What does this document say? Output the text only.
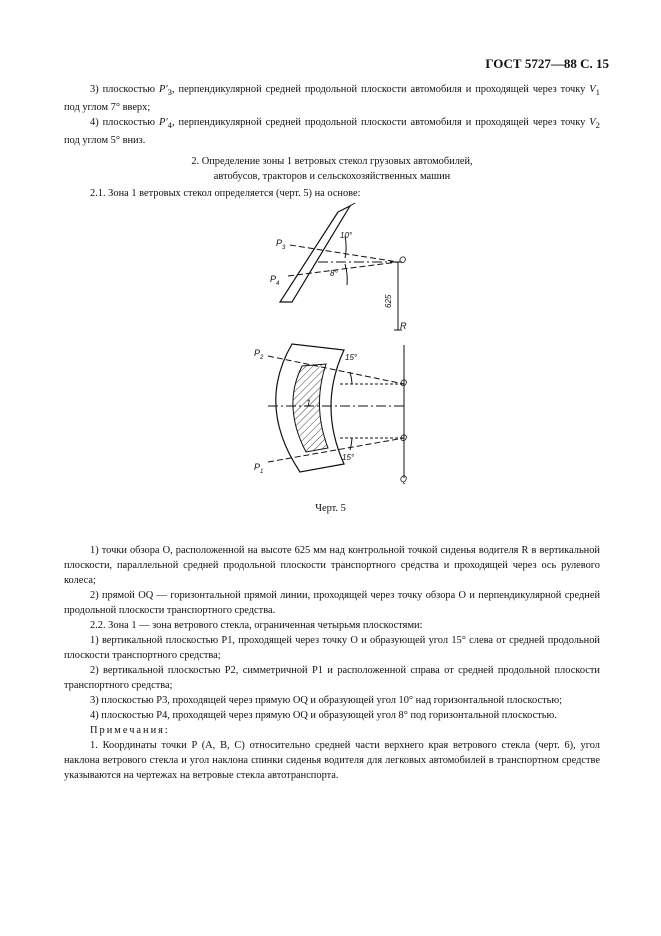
ГОСТ 5727—88 С. 15

3) плоскостью $P'_3$, перпендикулярной средней продольной плоскости автомобиля и проходящей через точку $V_1$ под углом 7° вверх;

4) плоскостью $P'_4$, перпендикулярной средней продольной плоскости автомобиля и проходящей через точку $V_2$ под углом 5° вниз.

2. Определение зоны 1 ветровых стекол грузовых автомобилей,
автобусов, тракторов и сельскохозяйственных машин
2.1. Зона 1 ветровых стекол определяется (черт. 5) на основе:
$P_3$
$P_4$
10°
8°
O
625
R
$P_2$
$P_1$
15°
15°
O
O
Q
1
Черт. 5

1) точки обзора O, расположенной на высоте 625 мм над контрольной точкой сиденья водителя R в вертикальной плоскости, параллельной средней продольной плоскости транспортного средства и проходящей через ось рулевого колеса;

2) прямой OQ — горизонтальной прямой линии, проходящей через точку обзора O и перпендикулярной средней продольной плоскости транспортного средства.

2.2. Зона 1 — зона ветрового стекла, ограниченная четырьмя плоскостями:

1) вертикальной плоскостью P1, проходящей через точку O и образующей угол 15° слева от средней продольной плоскости транспортного средства;

2) вертикальной плоскостью P2, симметричной P1 и расположенной справа от средней продольной плоскости транспортного средства;

3) плоскостью P3, проходящей через прямую OQ и образующей угол 10° над горизонтальной плоскостью;

4) плоскостью P4, проходящей через прямую OQ и образующей угол 8° под горизонтальной плоскостью.

Примечания:

1. Координаты точки P (A, B, C) относительно средней части верхнего края ветрового стекла (черт. 6), угол наклона ветрового стекла и угол наклона спинки сиденья водителя для легковых автомобилей в транспортном средстве указываются на чертежах на ветровые стекла автотранспорта.
